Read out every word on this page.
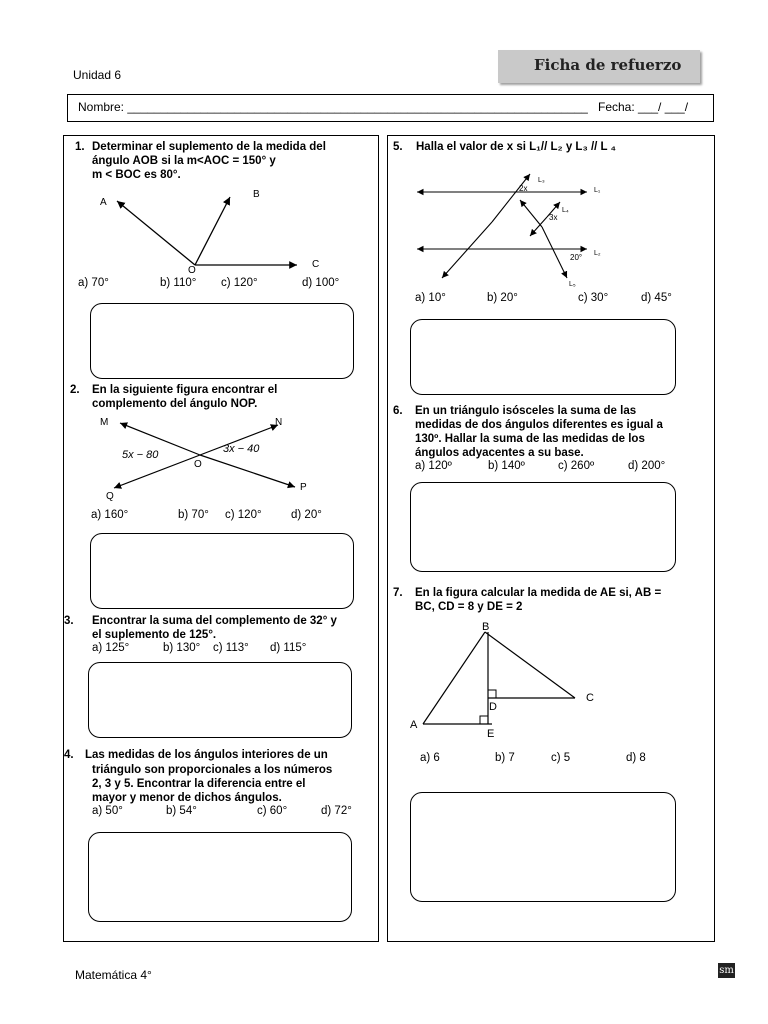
Unidad 6
Ficha de refuerzo
Nombre: _____________________________________________________________________ Fecha: ___/ ___/
1. Determinar el suplemento de la medida del
ángulo AOB si la m<AOC = 150° y
m < BOC es 80°.
A
B
O
C
a) 70°	b) 110° c) 120°	d) 100°
2. En la siguiente figura encontrar el
complemento del ángulo NOP.
M	N
O
Q
P
5x − 80	3x − 40
a) 160°	b) 70° c) 120°	d) 20°
3. Encontrar la suma del complemento de 32° y
el suplemento de 125°.
a) 125°	b) 130° c) 113° d) 115°
4. Las medidas de los ángulos interiores de un
triángulo son proporcionales a los números
2, 3 y 5. Encontrar la diferencia entre el
mayor y menor de dichos ángulos.
a) 50°	b) 54°	c) 60°	d) 72°
5. Halla el valor de x si L₁// L₂ y L₃ // L ₄
L₃
L₁
L₄
L₂
L₅
2x
3x
20°
a) 10°	b) 20°	c) 30°	d) 45°
6. En un triángulo isósceles la suma de las
medidas de dos ángulos diferentes es igual a
130º. Hallar la suma de las medidas de los
ángulos adyacentes a su base.
a) 120º	b) 140º	c) 260º	d) 200°
7. En la figura calcular la medida de AE si, AB =
BC, CD = 8 y DE = 2
B
D
C
A
E
a) 6	b) 7	c) 5	d) 8
Matemática 4°	sm
